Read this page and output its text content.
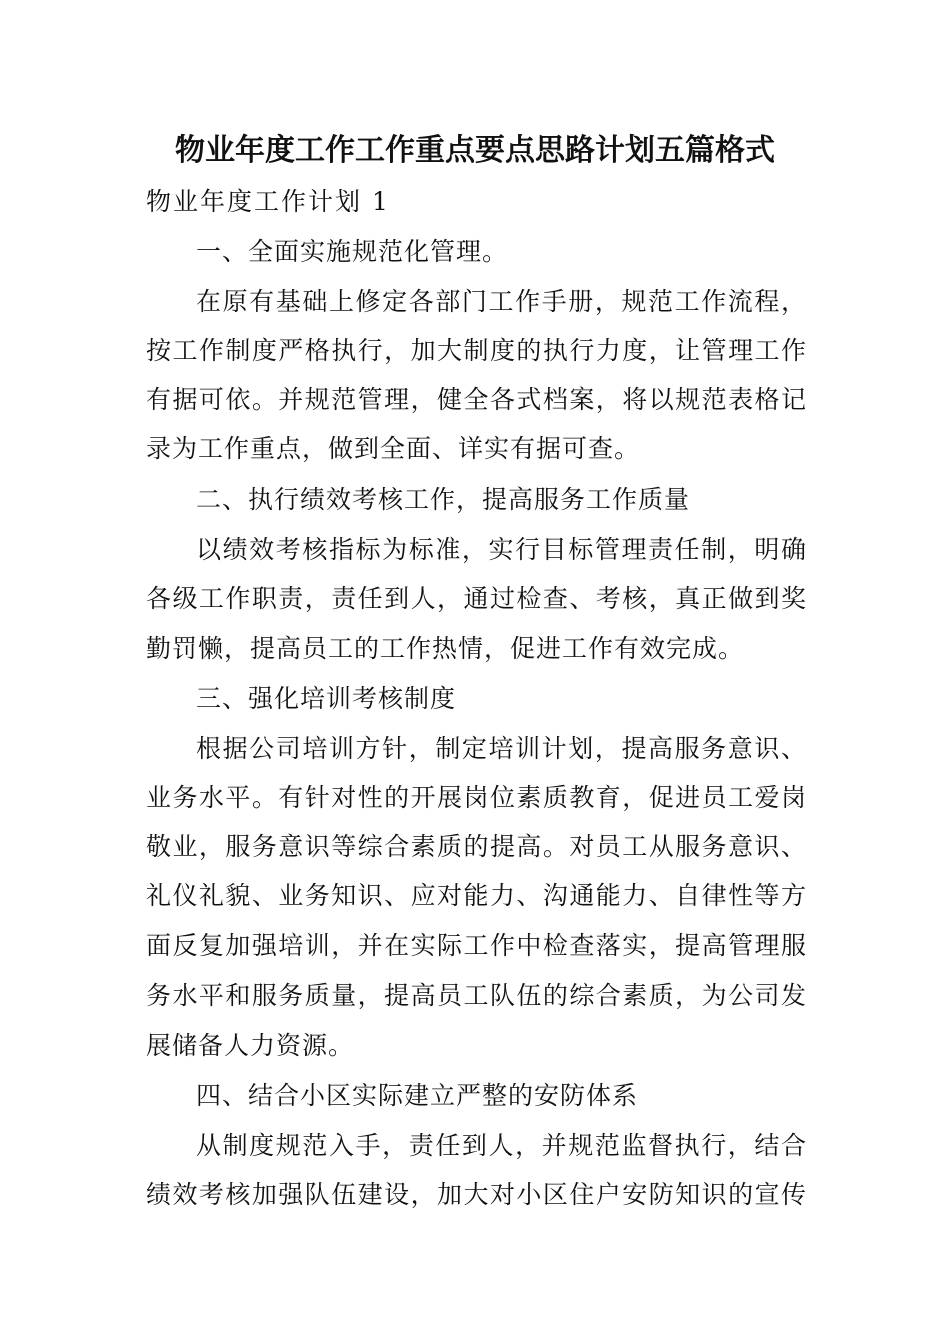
物业年度工作工作重点要点思路计划五篇格式

物业年度工作计划 1

一、全面实施规范化管理。

在原有基础上修定各部门工作手册，规范工作流程，

按工作制度严格执行，加大制度的执行力度，让管理工作

有据可依。并规范管理，健全各式档案，将以规范表格记

录为工作重点，做到全面、详实有据可查。

二、执行绩效考核工作，提高服务工作质量

以绩效考核指标为标准，实行目标管理责任制，明确

各级工作职责，责任到人，通过检查、考核，真正做到奖

勤罚懒，提高员工的工作热情，促进工作有效完成。

三、强化培训考核制度

根据公司培训方针，制定培训计划，提高服务意识、

业务水平。有针对性的开展岗位素质教育，促进员工爱岗

敬业，服务意识等综合素质的提高。对员工从服务意识、

礼仪礼貌、业务知识、应对能力、沟通能力、自律性等方

面反复加强培训，并在实际工作中检查落实，提高管理服

务水平和服务质量，提高员工队伍的综合素质，为公司发

展储备人力资源。

四、结合小区实际建立严整的安防体系

从制度规范入手，责任到人，并规范监督执行，结合

绩效考核加强队伍建设，加大对小区住户安防知识的宣传
